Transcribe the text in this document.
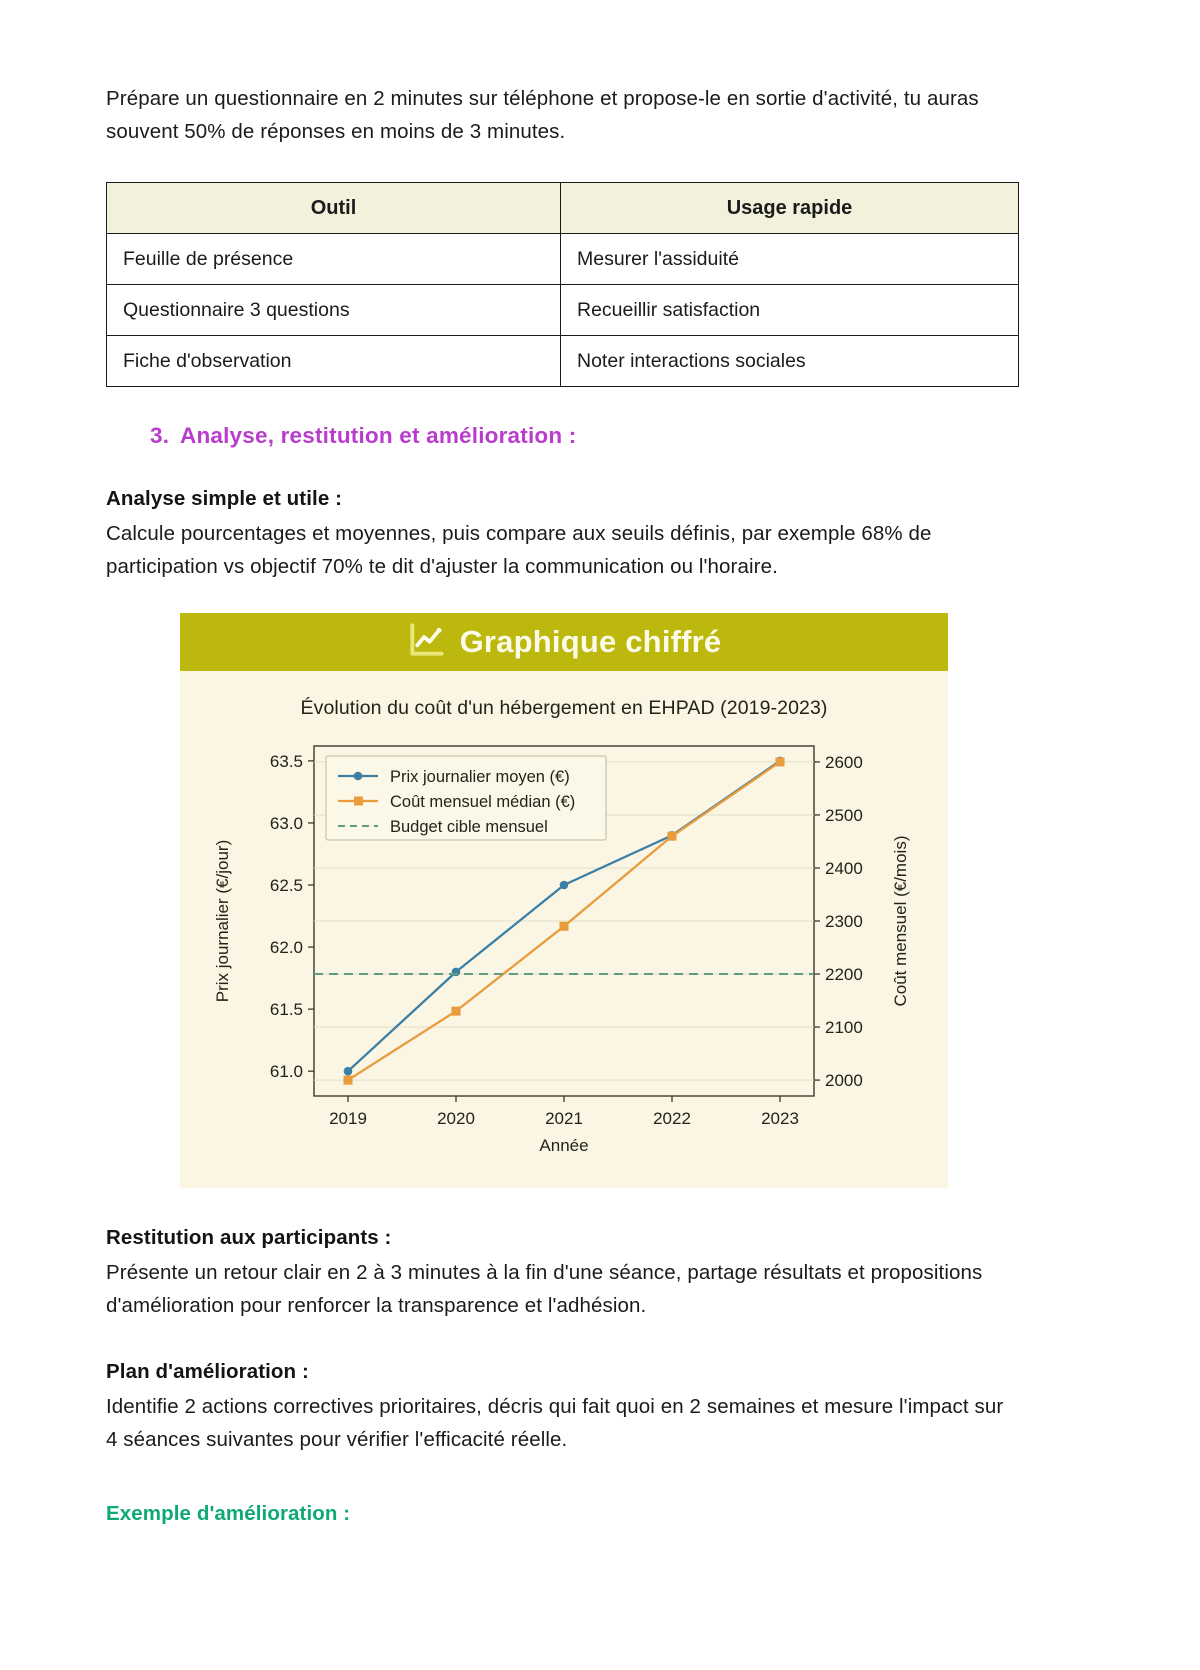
Prépare un questionnaire en 2 minutes sur téléphone et propose-le en sortie d'activité, tu auras souvent 50% de réponses en moins de 3 minutes.

Outil	Usage rapide
Feuille de présence	Mesurer l'assiduité
Questionnaire 3 questions	Recueillir satisfaction
Fiche d'observation	Noter interactions sociales
3. Analyse, restitution et amélioration :
Analyse simple et utile :

Calcule pourcentages et moyennes, puis compare aux seuils définis, par exemple 68% de participation vs objectif 70% te dit d'ajuster la communication ou l'horaire.

Graphique chiffré
Évolution du coût d'un hébergement en EHPAD (2019-2023)
61.0
61.5
62.0
62.5
63.0
63.5
2000
2100
2200
2300
2400
2500
2600
2019	2020	2021	2022	2023
Prix journalier moyen (€)
Coût mensuel médian (€)
Budget cible mensuel
Prix journalier (€/jour)	Coût mensuel (€/mois)
Année
Restitution aux participants :

Présente un retour clair en 2 à 3 minutes à la fin d'une séance, partage résultats et propositions d'amélioration pour renforcer la transparence et l'adhésion.

Plan d'amélioration :

Identifie 2 actions correctives prioritaires, décris qui fait quoi en 2 semaines et mesure l'impact sur 4 séances suivantes pour vérifier l'efficacité réelle.

Exemple d'amélioration :
